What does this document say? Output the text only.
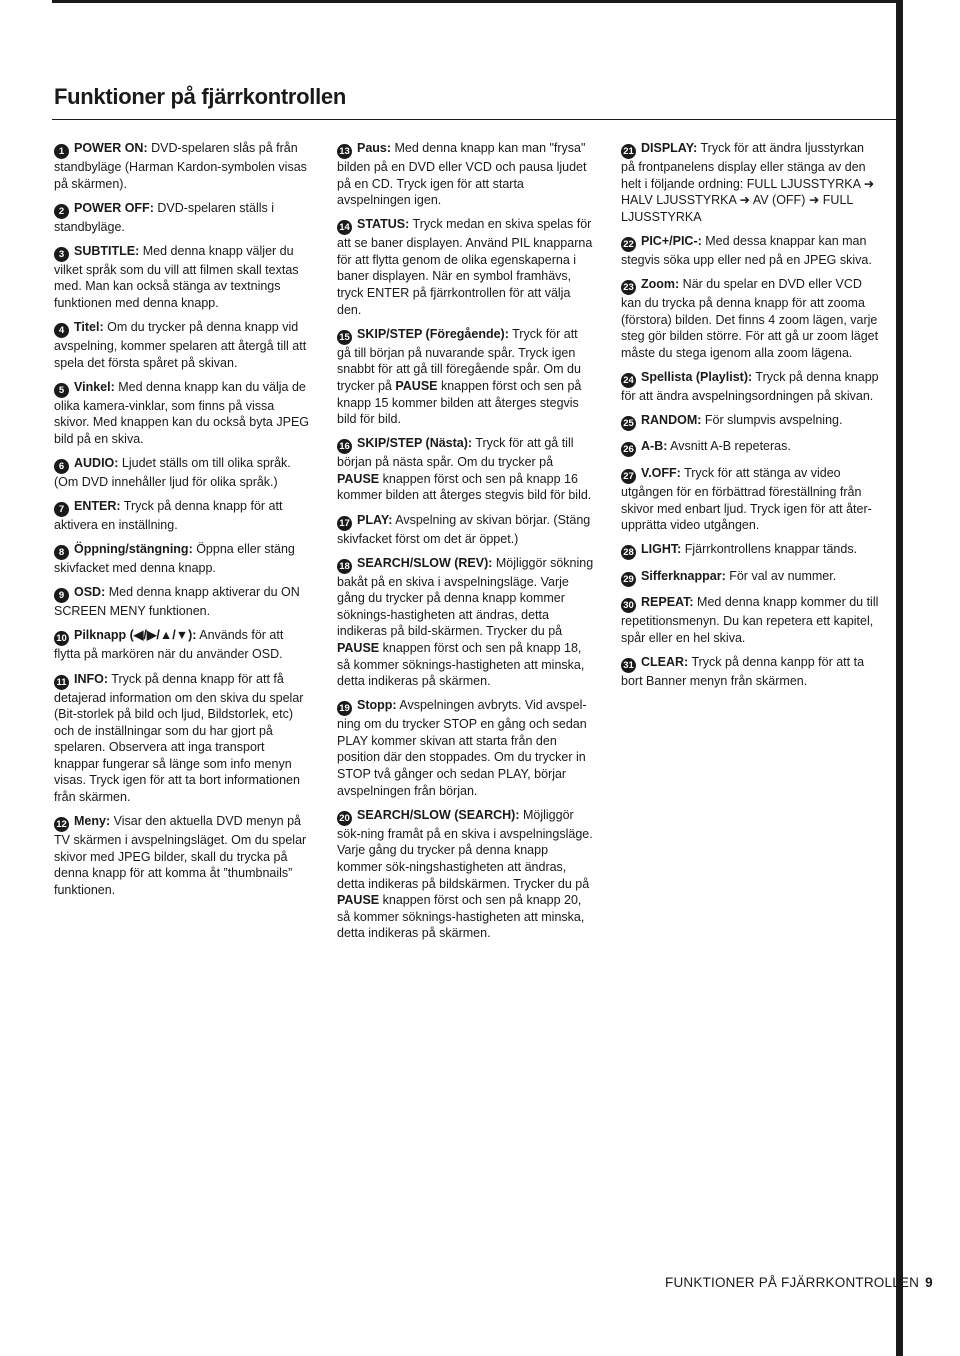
Funktioner på fjärrkontrollen

1 POWER ON: DVD-spelaren slås på från standbyläge (Harman Kardon-symbolen visas på skärmen).

2 POWER OFF: DVD-spelaren ställs i standbyläge.

3 SUBTITLE: Med denna knapp väljer du vilket språk som du vill att filmen skall textas med. Man kan också stänga av textnings funktionen med denna knapp.

4 Titel: Om du trycker på denna knapp vid avspelning, kommer spelaren att återgå till att spela det första spåret på skivan.

5 Vinkel: Med denna knapp kan du välja de olika kamera-vinklar, som finns på vissa skivor. Med knappen kan du också byta JPEG bild på en skiva.

6 AUDIO: Ljudet ställs om till olika språk. (Om DVD innehåller ljud för olika språk.)

7 ENTER: Tryck på denna knapp för att aktivera en inställning.

8 Öppning/stängning: Öppna eller stäng skivfacket med denna knapp.

9 OSD: Med denna knapp aktiverar du ON SCREEN MENY funktionen.

10 Pilknapp (◀/▶/▲/▼): Används för att flytta på markören när du använder OSD.

11 INFO: Tryck på denna knapp för att få detajerad information om den skiva du spelar (Bit-storlek på bild och ljud, Bildstorlek, etc) och de inställningar som du har gjort på spelaren. Observera att inga transport knappar fungerar så länge som info menyn visas. Tryck igen för att ta bort informationen från skärmen.

12 Meny: Visar den aktuella DVD menyn på TV skärmen i avspelningsläget. Om du spelar skivor med JPEG bilder, skall du trycka på denna knapp för att komma åt ”thumbnails” funktionen.

13 Paus: Med denna knapp kan man "frysa" bilden på en DVD eller VCD och pausa ljudet på en CD. Tryck igen för att starta avspelningen igen.

14 STATUS: Tryck medan en skiva spelas för att se baner displayen. Använd PIL knapparna för att flytta genom de olika egenskaperna i baner displayen. När en symbol framhävs, tryck ENTER på fjärrkontrollen för att välja den.

15 SKIP/STEP (Föregående): Tryck för att gå till början på nuvarande spår. Tryck igen snabbt för att gå till föregående spår. Om du trycker på PAUSE knappen först och sen på knapp 15 kommer bilden att återges stegvis bild för bild.

16 SKIP/STEP (Nästa): Tryck för att gå till början på nästa spår. Om du trycker på PAUSE knappen först och sen på knapp 16 kommer bilden att återges stegvis bild för bild.

17 PLAY: Avspelning av skivan börjar. (Stäng skivfacket först om det är öppet.)

18 SEARCH/SLOW (REV): Möjliggör sökning bakåt på en skiva i avspelningsläge. Varje gång du trycker på denna knapp kommer söknings-hastigheten att ändras, detta indikeras på bild-skärmen. Trycker du på PAUSE knappen först och sen på knapp 18, så kommer söknings-hastigheten att minska, detta indikeras på skärmen.

19 Stopp: Avspelningen avbryts. Vid avspel-ning om du trycker STOP en gång och sedan PLAY kommer skivan att starta från den position där den stoppades. Om du trycker in STOP två gånger och sedan PLAY, börjar avspelningen från början.

20 SEARCH/SLOW (SEARCH): Möjliggör sök-ning framåt på en skiva i avspelningsläge. Varje gång du trycker på denna knapp kommer sök-ningshastigheten att ändras, detta indikeras på bildskärmen. Trycker du på PAUSE knappen först och sen på knapp 20, så kommer söknings-hastigheten att minska, detta indikeras på skärmen.

21 DISPLAY: Tryck för att ändra ljusstyrkan på frontpanelens display eller stänga av den helt i följande ordning: FULL LJUSSTYRKA ➜ HALV LJUSSTYRKA ➜ AV (OFF) ➜ FULL LJUSSTYRKA

22 PIC+/PIC-: Med dessa knappar kan man stegvis söka upp eller ned på en JPEG skiva.

23 Zoom: När du spelar en DVD eller VCD kan du trycka på denna knapp för att zooma (förstora) bilden. Det finns 4 zoom lägen, varje steg gör bilden större. För att gå ur zoom läget måste du stega igenom alla zoom lägena.

24 Spellista (Playlist): Tryck på denna knapp för att ändra avspelningsordningen på skivan.

25 RANDOM: För slumpvis avspelning.

26 A-B: Avsnitt A-B repeteras.

27 V.OFF: Tryck för att stänga av video utgången för en förbättrad föreställning från skivor med enbart ljud. Tryck igen för att åter-upprätta video utgången.

28 LIGHT: Fjärrkontrollens knappar tänds.

29 Sifferknappar: För val av nummer.

30 REPEAT: Med denna knapp kommer du till repetitionsmenyn. Du kan repetera ett kapitel, spår eller en hel skiva.

31 CLEAR: Tryck på denna kanpp för att ta bort Banner menyn från skärmen.

FUNKTIONER PÅ FJÄRRKONTROLLEN 9
